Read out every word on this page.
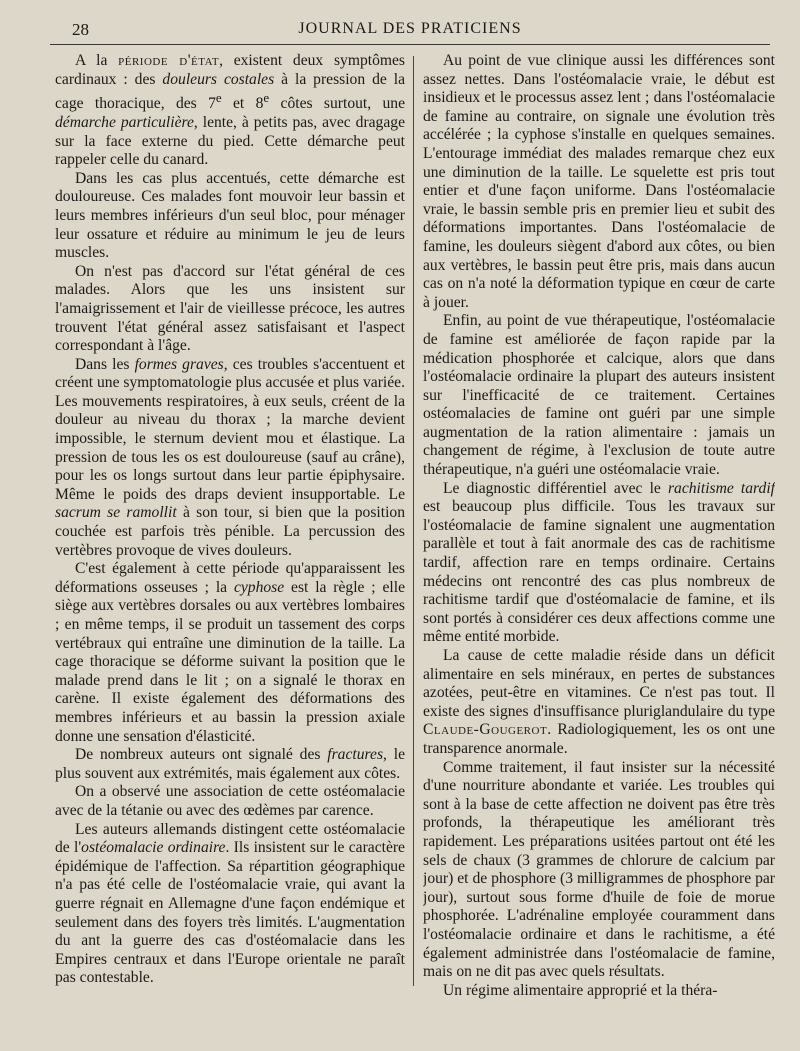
28	JOURNAL DES PRATICIENS

A la période d'état, existent deux symptômes cardinaux : des douleurs costales à la pression de la cage thoracique, des 7e et 8e côtes surtout, une démarche particulière, lente, à petits pas, avec dragage sur la face externe du pied. Cette démarche peut rappeler celle du canard.

Dans les cas plus accentués, cette démarche est douloureuse. Ces malades font mouvoir leur bassin et leurs membres inférieurs d'un seul bloc, pour ménager leur ossature et réduire au minimum le jeu de leurs muscles.

On n'est pas d'accord sur l'état général de ces malades. Alors que les uns insistent sur l'amaigrissement et l'air de vieillesse précoce, les autres trouvent l'état général assez satisfaisant et l'aspect correspondant à l'âge.

Dans les formes graves, ces troubles s'accentuent et créent une symptomatologie plus accusée et plus variée. Les mouvements respiratoires, à eux seuls, créent de la douleur au niveau du thorax ; la marche devient impossible, le sternum devient mou et élastique. La pression de tous les os est douloureuse (sauf au crâne), pour les os longs surtout dans leur partie épiphysaire. Même le poids des draps devient insupportable. Le sacrum se ramollit à son tour, si bien que la position couchée est parfois très pénible. La percussion des vertèbres provoque de vives douleurs.

C'est également à cette période qu'apparaissent les déformations osseuses ; la cyphose est la règle ; elle siège aux vertèbres dorsales ou aux vertèbres lombaires ; en même temps, il se produit un tassement des corps vertébraux qui entraîne une diminution de la taille. La cage thoracique se déforme suivant la position que le malade prend dans le lit ; on a signalé le thorax en carène. Il existe également des déformations des membres inférieurs et au bassin la pression axiale donne une sensation d'élasticité.

De nombreux auteurs ont signalé des fractures, le plus souvent aux extrémités, mais également aux côtes.

On a observé une association de cette ostéomalacie avec de la tétanie ou avec des œdèmes par carence.

Les auteurs allemands distingent cette ostéomalacie de l'ostéomalacie ordinaire. Ils insistent sur le caractère épidémique de l'affection. Sa répartition géographique n'a pas été celle de l'ostéomalacie vraie, qui avant la guerre régnait en Allemagne d'une façon endémique et seulement dans des foyers très limités. L'augmentation du ant la guerre des cas d'ostéomalacie dans les Empires centraux et dans l'Europe orientale ne paraît pas contestable.

Au point de vue clinique aussi les différences sont assez nettes. Dans l'ostéomalacie vraie, le début est insidieux et le processus assez lent ; dans l'ostéomalacie de famine au contraire, on signale une évolution très accélérée ; la cyphose s'installe en quelques semaines. L'entourage immédiat des malades remarque chez eux une diminution de la taille. Le squelette est pris tout entier et d'une façon uniforme. Dans l'ostéomalacie vraie, le bassin semble pris en premier lieu et subit des déformations importantes. Dans l'ostéomalacie de famine, les douleurs siègent d'abord aux côtes, ou bien aux vertèbres, le bassin peut être pris, mais dans aucun cas on n'a noté la déformation typique en cœur de carte à jouer.

Enfin, au point de vue thérapeutique, l'ostéomalacie de famine est améliorée de façon rapide par la médication phosphorée et calcique, alors que dans l'ostéomalacie ordinaire la plupart des auteurs insistent sur l'inefficacité de ce traitement. Certaines ostéomalacies de famine ont guéri par une simple augmentation de la ration alimentaire : jamais un changement de régime, à l'exclusion de toute autre thérapeutique, n'a guéri une ostéomalacie vraie.

Le diagnostic différentiel avec le rachitisme tardif est beaucoup plus difficile. Tous les travaux sur l'ostéomalacie de famine signalent une augmentation parallèle et tout à fait anormale des cas de rachitisme tardif, affection rare en temps ordinaire. Certains médecins ont rencontré des cas plus nombreux de rachitisme tardif que d'ostéomalacie de famine, et ils sont portés à considérer ces deux affections comme une même entité morbide.

La cause de cette maladie réside dans un déficit alimentaire en sels minéraux, en pertes de substances azotées, peut-être en vitamines. Ce n'est pas tout. Il existe des signes d'insuffisance pluriglandulaire du type Claude-Gougerot. Radiologiquement, les os ont une transparence anormale.

Comme traitement, il faut insister sur la nécessité d'une nourriture abondante et variée. Les troubles qui sont à la base de cette affection ne doivent pas être très profonds, la thérapeutique les améliorant très rapidement. Les préparations usitées partout ont été les sels de chaux (3 grammes de chlorure de calcium par jour) et de phosphore (3 milligrammes de phosphore par jour), surtout sous forme d'huile de foie de morue phosphorée. L'adrénaline employée couramment dans l'ostéomalacie ordinaire et dans le rachitisme, a été également administrée dans l'ostéomalacie de famine, mais on ne dit pas avec quels résultats.

Un régime alimentaire approprié et la théra-
